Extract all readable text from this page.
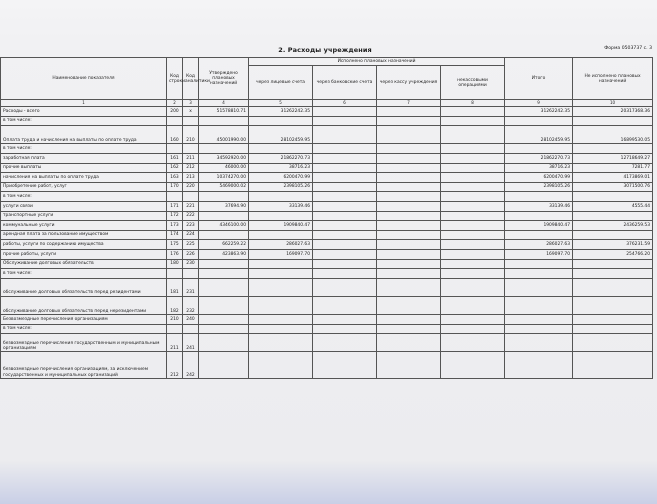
2. Расходы учреждения	Форма 0503737 с. 3
Наименование показателя	Код строки	Код аналитики	Утверждено плановых назначений	Исполнено плановых назначений				Итого	Не исполнено плановых назначений
				через лицевые счета	через банковские счета	через кассу учреждения	некассовыми операциями		
1	2	3	4	5	6	7	8	9	10
Расходы - всего	200	x	51578810.71	31262242.35				31262242.35	20317368.36
в том числе:									
Оплата труда и начисления на выплаты по оплате труда	160	210	45001990.00	28102459.95				28102459.95	16899530.05
в том числе:									
заработная плата	161	211	34592920.00	21862270.73				21862270.73	12718649.27
прочие выплаты	162	212	46000.00	38716.23				38716.23	7281.77
начисления на выплаты по оплате труда	163	213	10374270.00	6200470.99				6200470.99	4173869.01
Приобретение работ, услуг	170	220	5469000.02	2398105.26				2398105.26	3071500.76
в том числе:									
услуги связи	171	221	37694.90	33139.46				33139.46	4555.44
транспортные услуги	172	222							
коммунальные услуги	173	223	4346100.00	1909840.47				1909840.47	2436259.53
арендная плата за пользование имуществом	174	224							
работы, услуги по содержанию имущества	175	225	662259.22	286027.63				286027.63	376231.59
прочие работы, услуги	176	226	423863.90	169097.70				169097.70	254766.20
Обслуживание долговых обязательств	180	230							
в том числе:									
обслуживание долговых обязательств перед резидентами	181	231							
обслуживание долговых обязательств перед нерезидентами	182	232							
Безвозмездные перечисления организациям	210	240							
в том числе:									
безвозмездные перечисления государственным и муниципальным организациям	211	241							
безвозмездные перечисления организациям, за исключением государственных и муниципальных организаций	212	242							
